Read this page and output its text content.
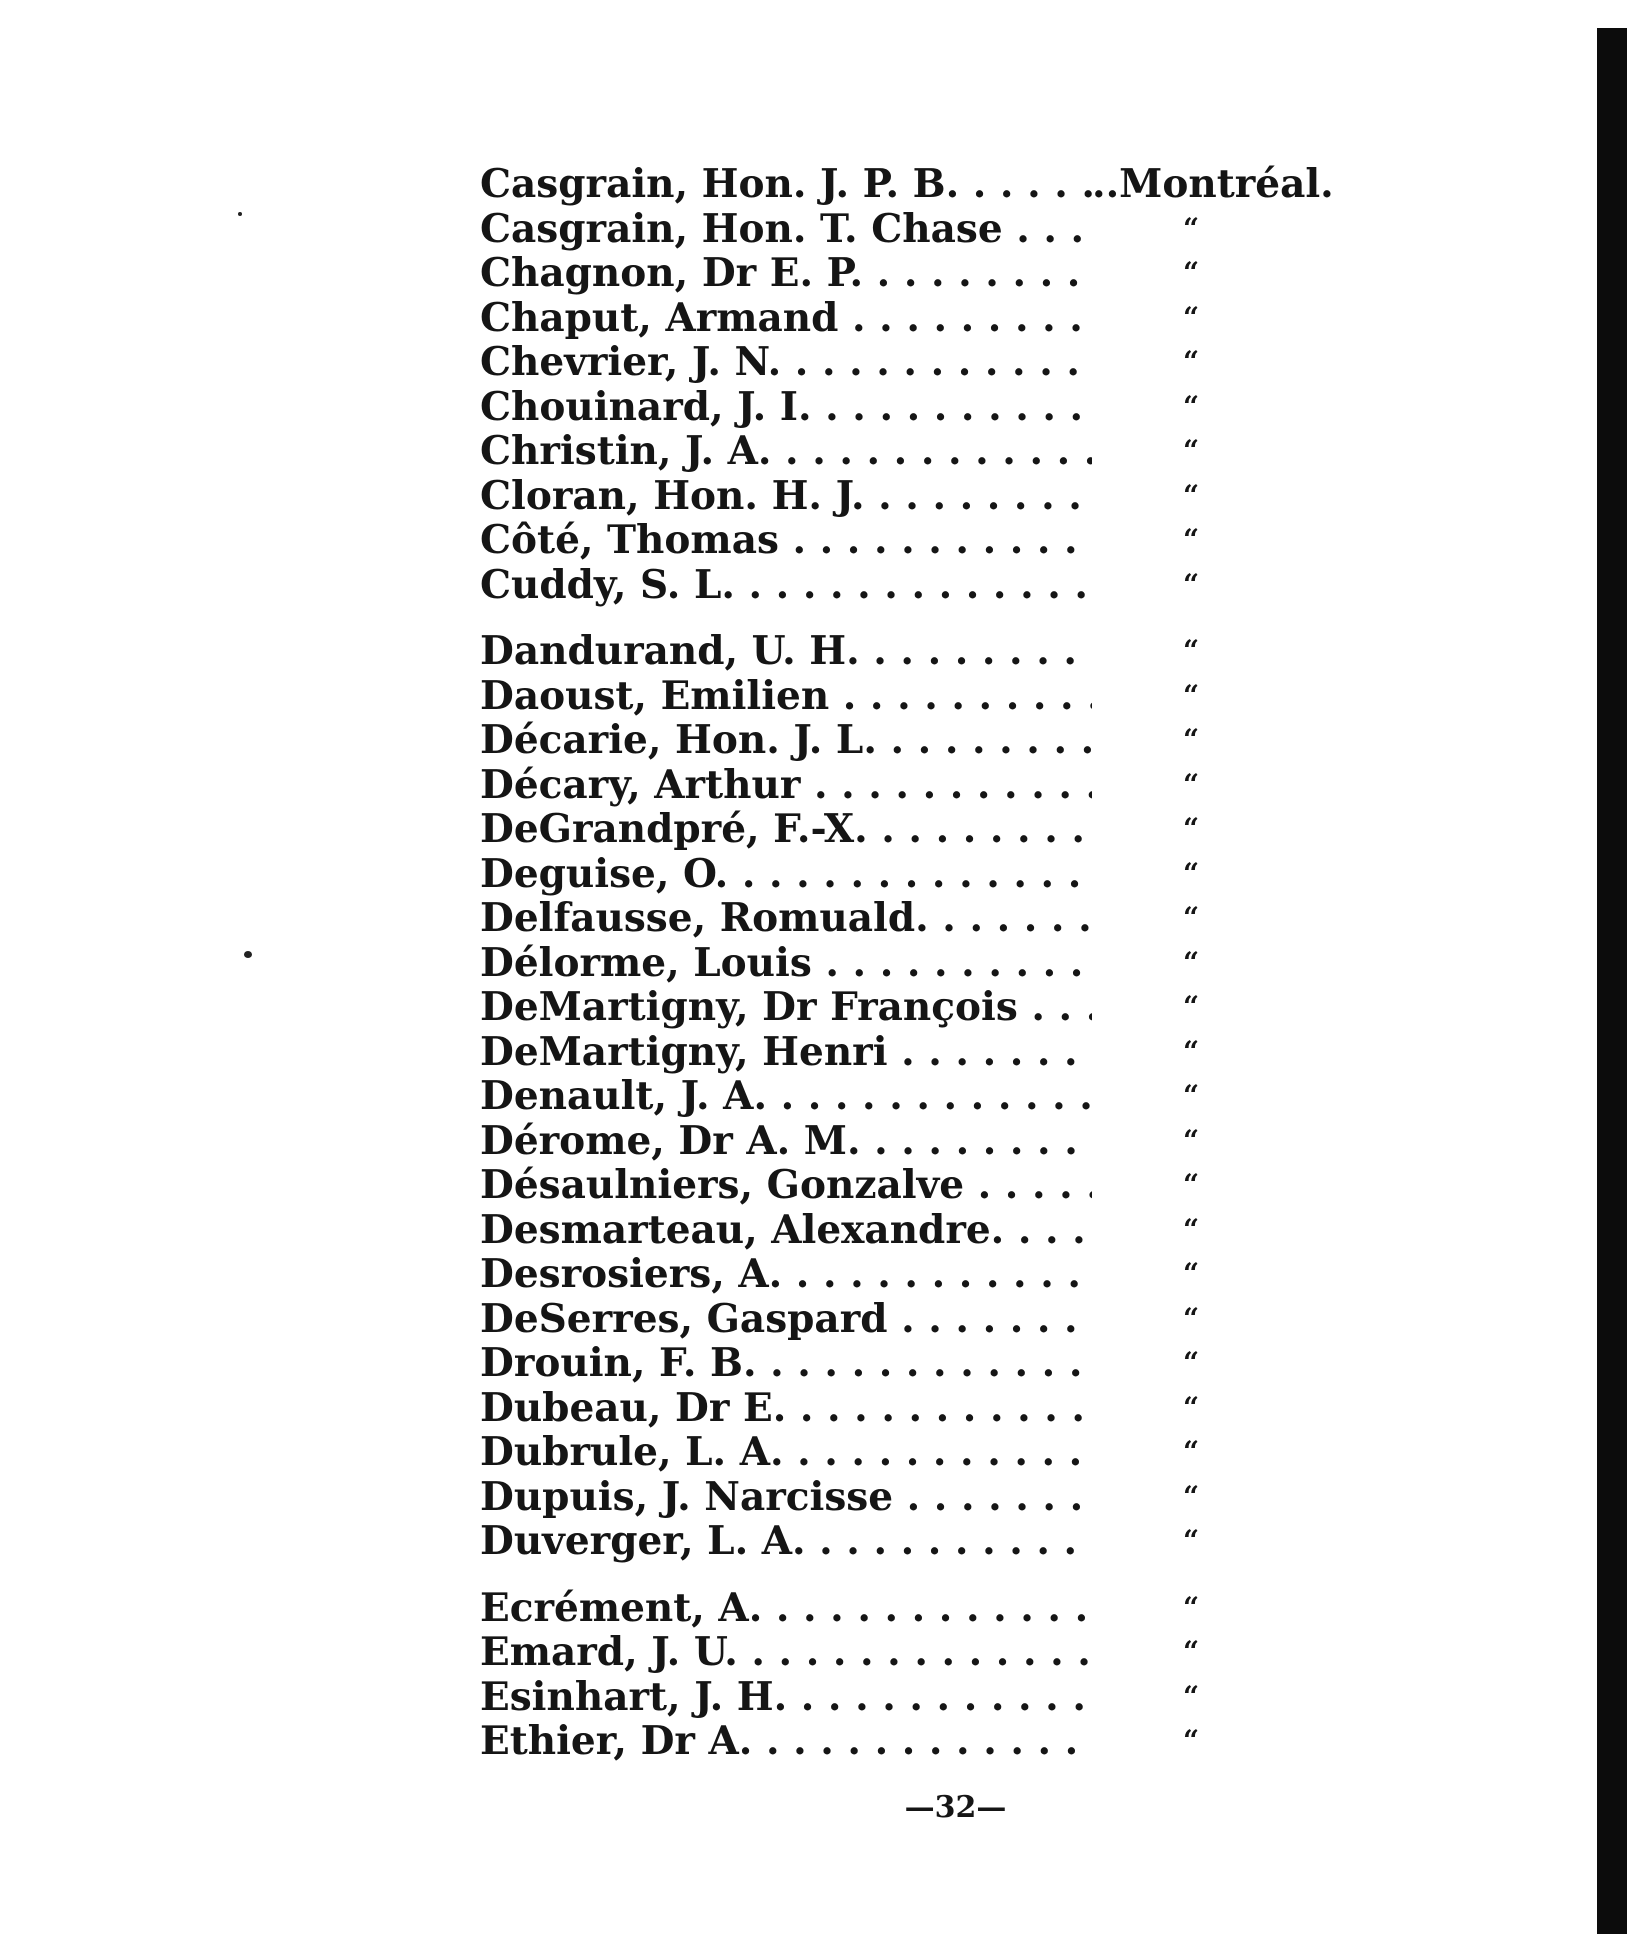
Casgrain, Hon. J. P. B. . . .	..Montréal.
Casgrain, Hon. T. Chase . . .	“
Chagnon, Dr E. P. . . .	“
Chaput, Armand . . .	“
Chevrier, J. N. . . .	“
Chouinard, J. I. . . .	“
Christin, J. A. . . .	“
Cloran, Hon. H. J. . . .	“
Côté, Thomas . . .	“
Cuddy, S. L. . . .	“
Dandurand, U. H. . . .	“
Daoust, Emilien . . .	“
Décarie, Hon. J. L. . . .	“
Décary, Arthur . . .	“
DeGrandpré, F.-X. . . .	“
Deguise, O. . . .	“
Delfausse, Romuald. . . .	“
Délorme, Louis . . .	“
DeMartigny, Dr François . . .	“
DeMartigny, Henri . . .	“
Denault, J. A. . . .	“
Dérome, Dr A. M. . . .	“
Désaulniers, Gonzalve . . .	“
Desmarteau, Alexandre. . . .	“
Desrosiers, A. . . .	“
DeSerres, Gaspard . . .	“
Drouin, F. B. . . .	“
Dubeau, Dr E. . . .	“
Dubrule, L. A. . . .	“
Dupuis, J. Narcisse . . .	“
Duverger, L. A. . . .	“
Ecrément, A. . . .	“
Emard, J. U. . . .	“
Esinhart, J. H. . . .	“
Ethier, Dr A. . . .	“
—32—
